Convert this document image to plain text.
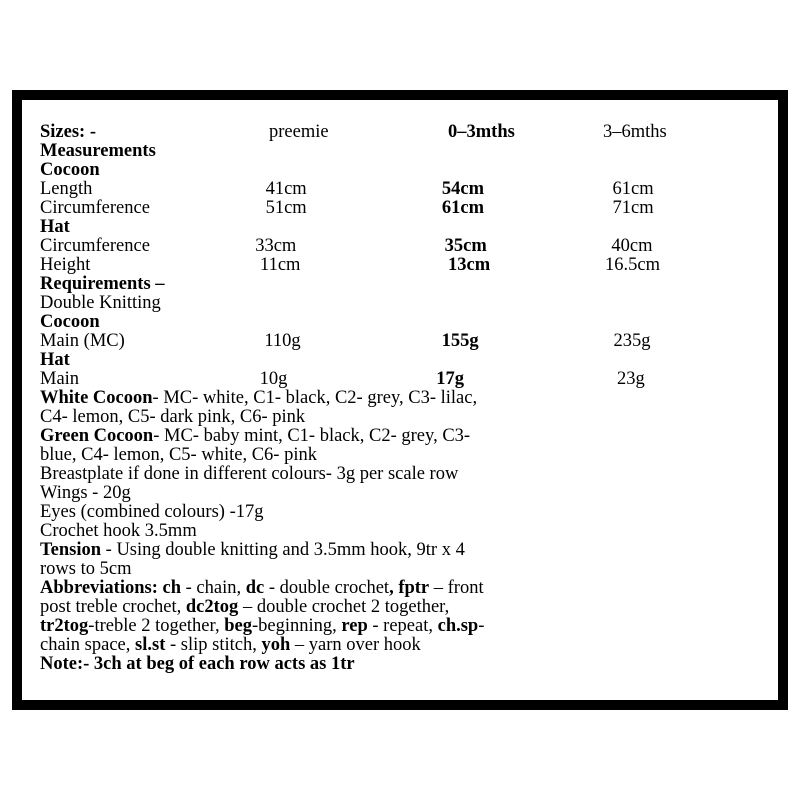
Sizes: -	preemie	0–3mths	3–6mths
Measurements
Cocoon
Length	41cm	54cm	61cm
Circumference	51cm	61cm	71cm
Hat
Circumference	33cm	35cm	40cm
Height	11cm	13cm	16.5cm
Requirements –
Double Knitting
Cocoon
Main (MC)	110g	155g	235g
Hat
Main	10g	17g	23g
White Cocoon- MC- white, C1- black, C2- grey, C3- lilac,
C4- lemon, C5- dark pink, C6- pink
Green Cocoon- MC- baby mint, C1- black, C2- grey, C3-
blue, C4- lemon, C5- white, C6- pink
Breastplate if done in different colours- 3g per scale row
Wings - 20g
Eyes (combined colours) -17g
Crochet hook 3.5mm
Tension - Using double knitting and 3.5mm hook, 9tr x 4
rows to 5cm
Abbreviations: ch - chain, dc - double crochet, fptr – front
post treble crochet, dc2tog – double crochet 2 together,
tr2tog-treble 2 together, beg-beginning, rep - repeat, ch.sp-
chain space, sl.st - slip stitch, yoh – yarn over hook
Note:- 3ch at beg of each row acts as 1tr
